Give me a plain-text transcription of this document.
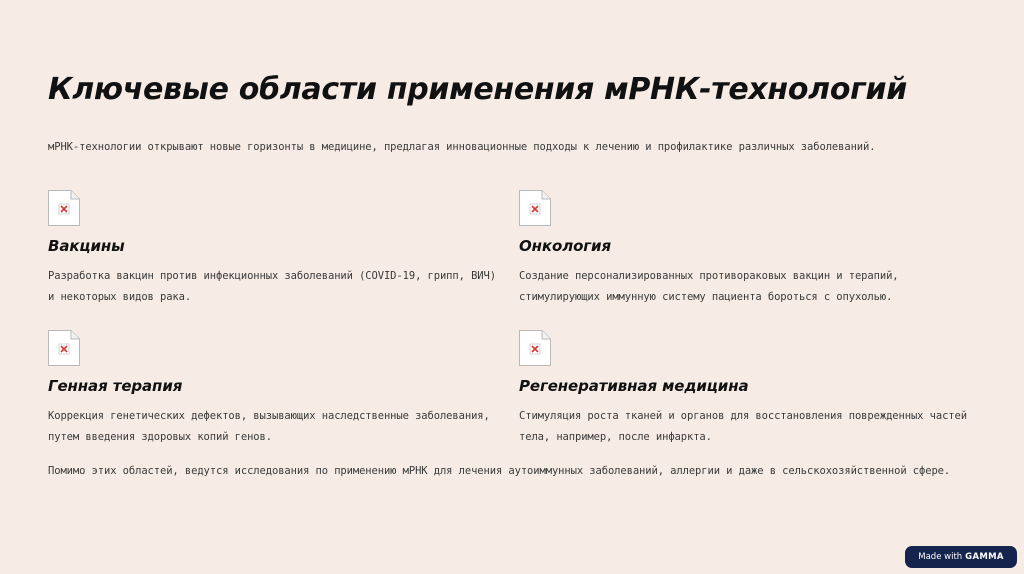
Ключевые области применения мРНК-технологий

мРНК-технологии открывают новые горизонты в медицине, предлагая инновационные подходы к лечению и профилактике различных заболеваний.

Вакцины

Разработка вакцин против инфекционных заболеваний (COVID-19, грипп, ВИЧ) и некоторых видов рака.

Онкология

Создание персонализированных противораковых вакцин и терапий, стимулирующих иммунную систему пациента бороться с опухолью.

Генная терапия

Коррекция генетических дефектов, вызывающих наследственные заболевания, путем введения здоровых копий генов.

Регенеративная медицина

Стимуляция роста тканей и органов для восстановления поврежденных частей тела, например, после инфаркта.

Помимо этих областей, ведутся исследования по применению мРНК для лечения аутоиммунных заболеваний, аллергии и даже в сельскохозяйственной сфере.

Made with GAMMA
